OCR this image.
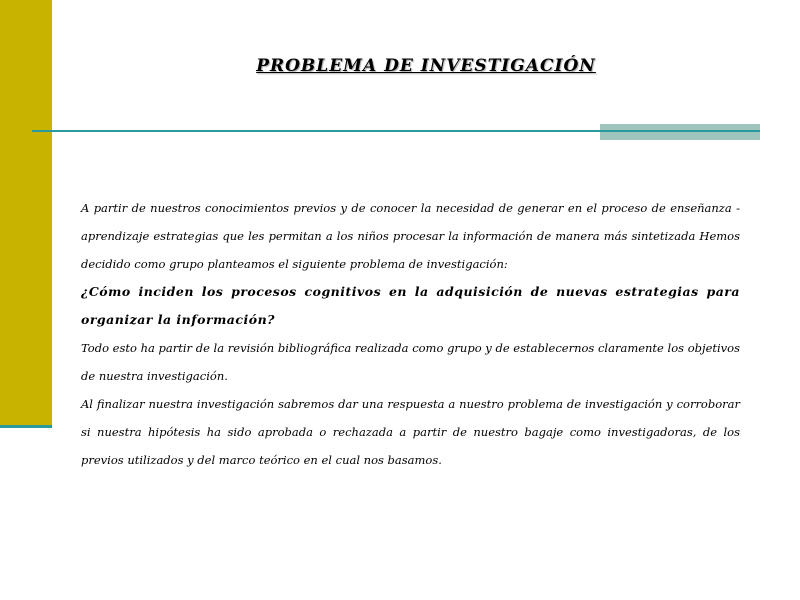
PROBLEMA DE INVESTIGACIÓN

A partir de nuestros conocimientos previos y de conocer la necesidad de generar en el proceso de enseñanza - aprendizaje estrategias que les permitan a los niños procesar la información de manera más sintetizada Hemos decidido como grupo planteamos el siguiente problema de investigación:

¿Cómo inciden los procesos cognitivos en la adquisición de nuevas estrategias para organizar la información?

Todo esto ha partir de la revisión bibliográfica realizada como grupo y de establecernos claramente los objetivos de nuestra investigación.

Al finalizar nuestra investigación sabremos dar una respuesta a nuestro problema de investigación y corroborar si nuestra hipótesis ha sido aprobada o rechazada a partir de nuestro bagaje como investigadoras, de los previos utilizados y del marco teórico en el cual nos basamos.
